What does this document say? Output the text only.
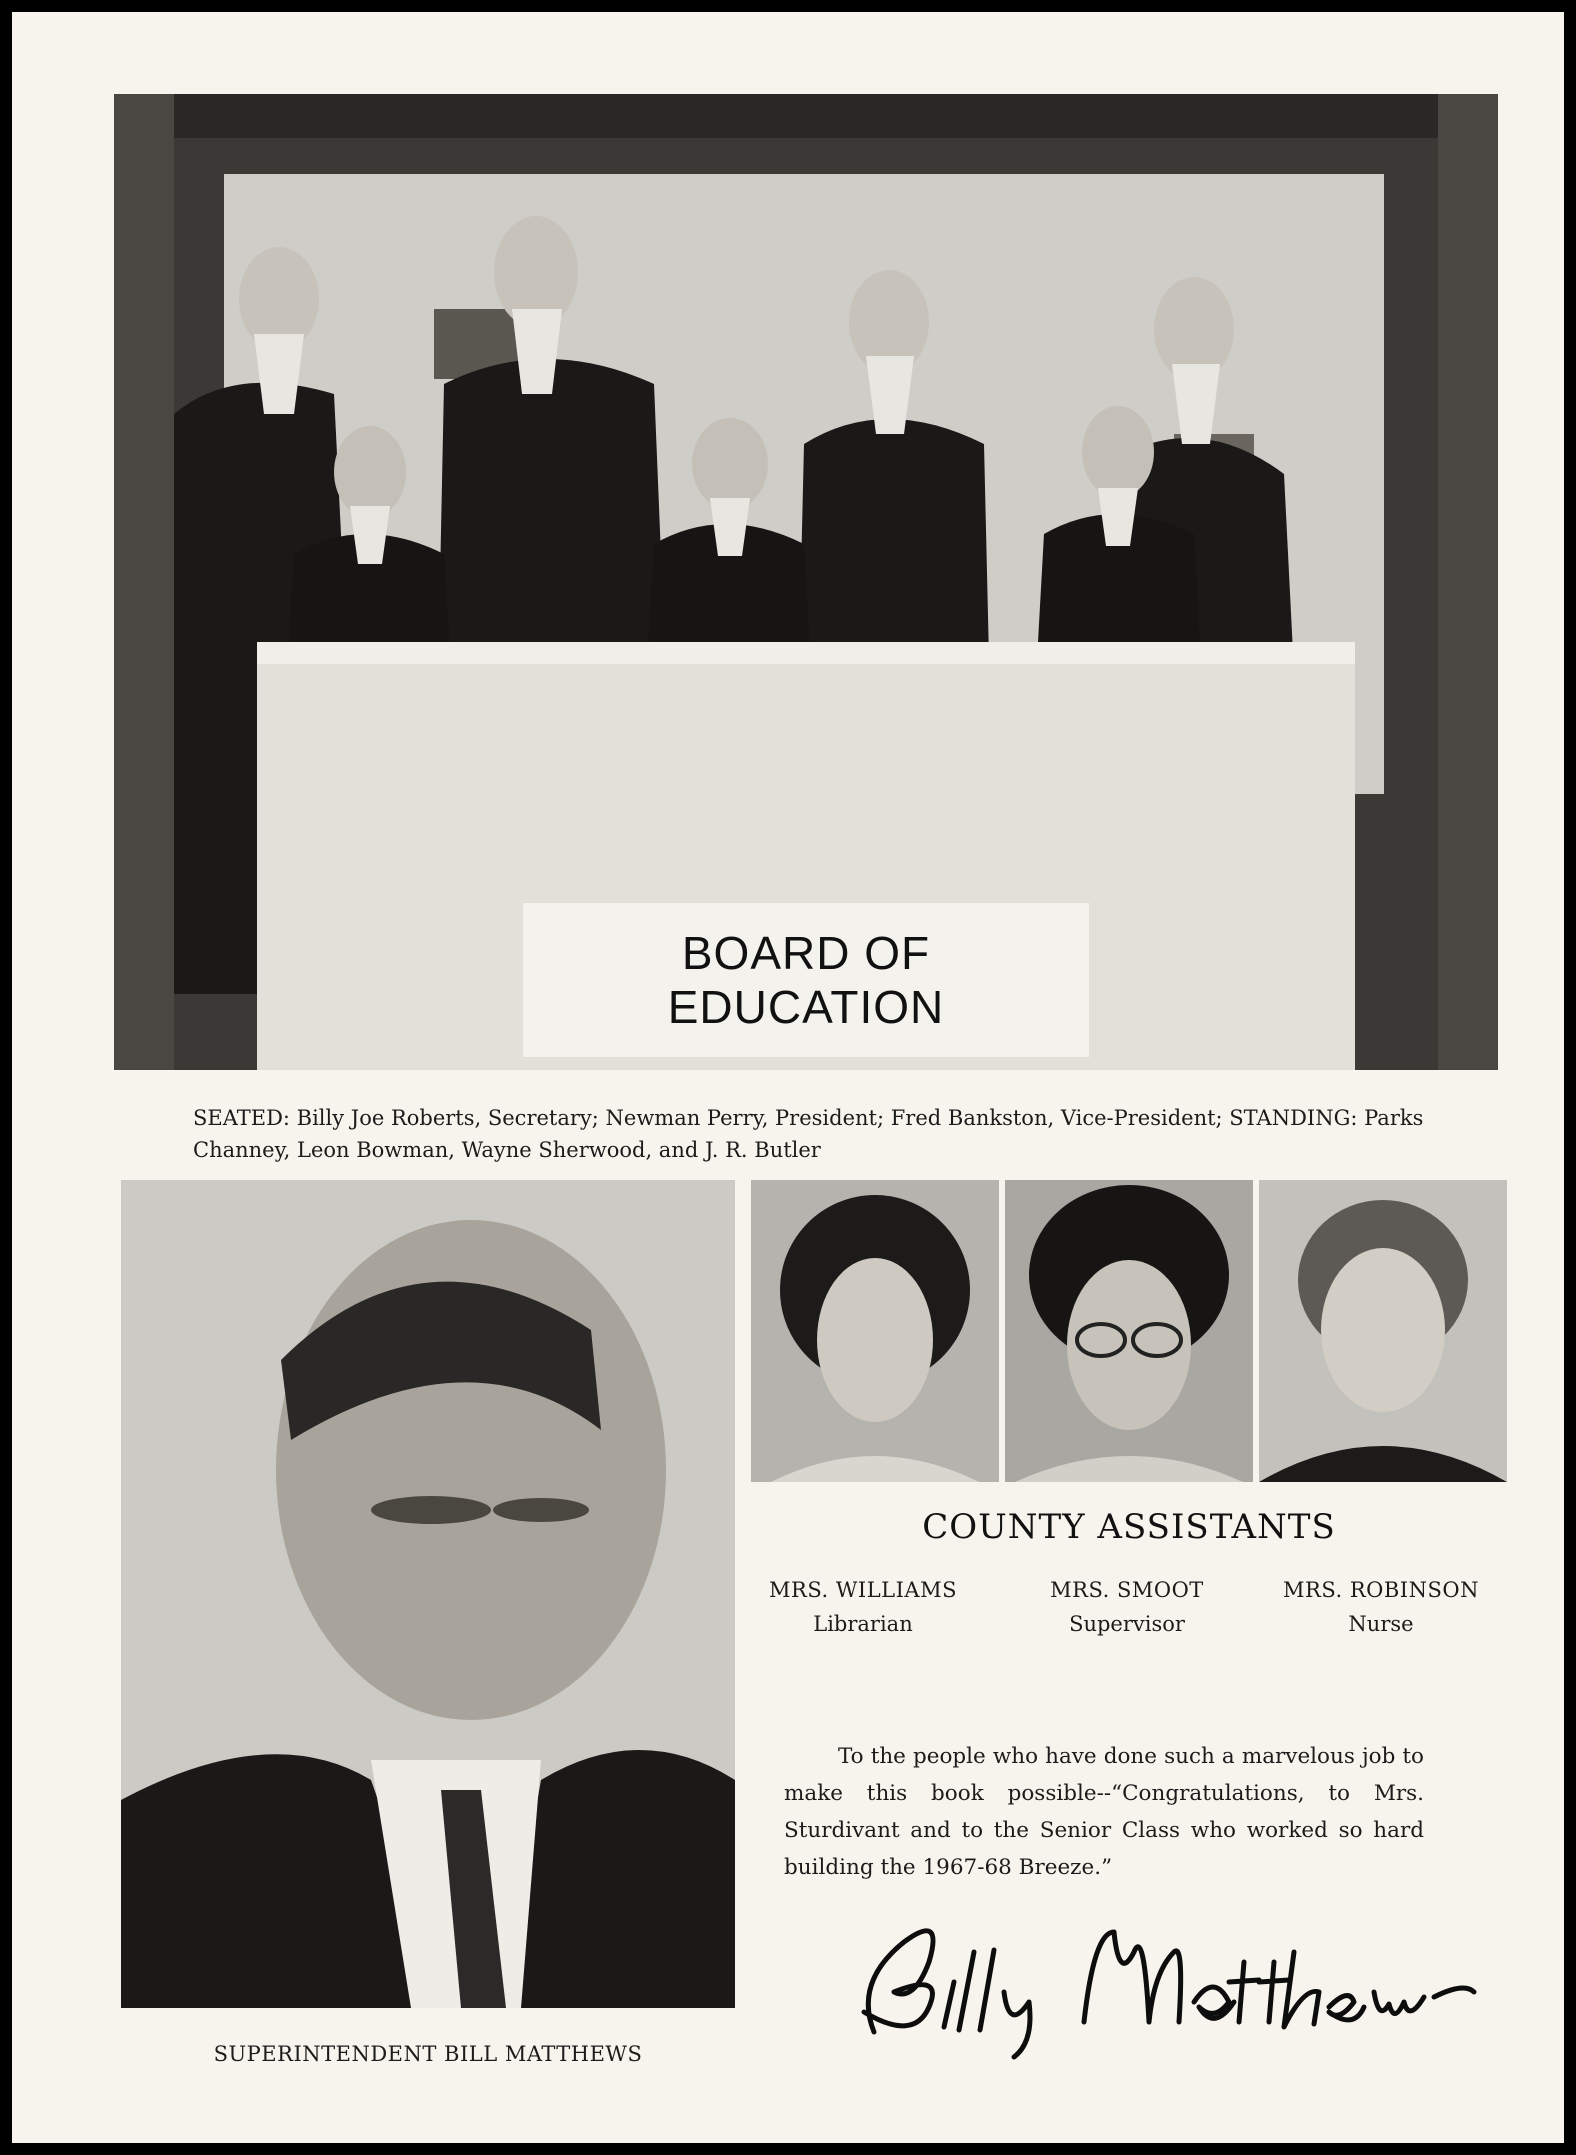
BOARD OF
EDUCATION
SEATED: Billy Joe Roberts, Secretary; Newman Perry, President; Fred Bankston, Vice-President; STANDING: Parks Channey, Leon Bowman, Wayne Sherwood, and J. R. Butler
SUPERINTENDENT BILL MATTHEWS
COUNTY ASSISTANTS
MRS. WILLIAMS
Librarian
MRS. SMOOT
Supervisor
MRS. ROBINSON
Nurse
To the people who have done such a marvelous job to make this book possible--“Congratulations, to Mrs. Sturdivant and to the Senior Class who worked so hard building the 1967-68 Breeze.”
